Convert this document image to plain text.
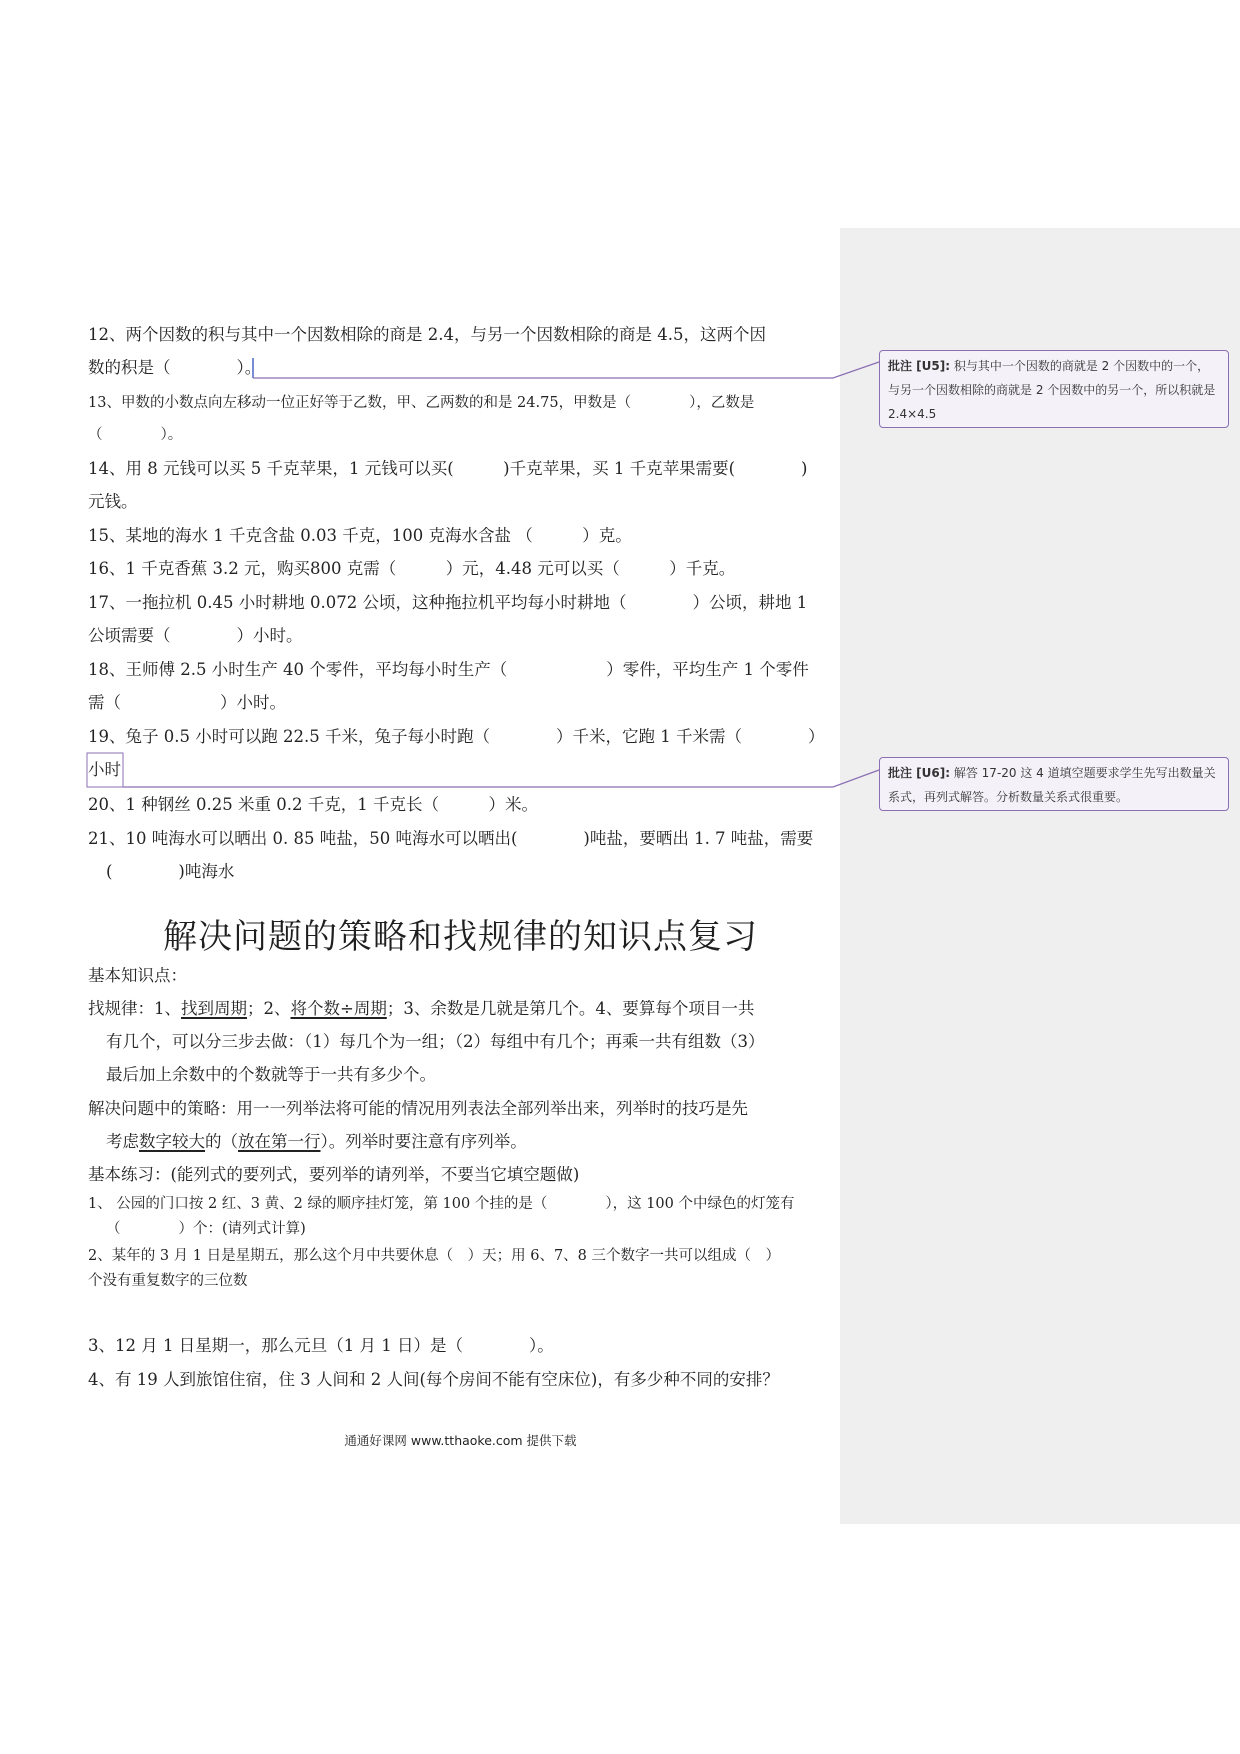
12、两个因数的积与其中一个因数相除的商是 2.4，与另一个因数相除的商是 4.5，这两个因
数的积是（　　　　）。
13、甲数的小数点向左移动一位正好等于乙数，甲、乙两数的和是 24.75，甲数是（　　　　），乙数是
（　　　　）。
14、用 8 元钱可以买 5 千克苹果，1 元钱可以买(　　　)千克苹果，买 1 千克苹果需要(　　　　)
元钱。
15、某地的海水 1 千克含盐 0.03 千克，100 克海水含盐 （　　　）克。
16、1 千克香蕉 3.2 元，购买800 克需（　　　）元，4.48 元可以买（　　　）千克。
17、一拖拉机 0.45 小时耕地 0.072 公顷，这种拖拉机平均每小时耕地（　　　　）公顷，耕地 1
公顷需要（　　　　）小时。
18、王师傅 2.5 小时生产 40 个零件，平均每小时生产（　　　　　　）零件，平均生产 1 个零件
需（　　　　　　）小时。
19、兔子 0.5 小时可以跑 22.5 千米，兔子每小时跑（　　　　）千米，它跑 1 千米需（　　　　）
小时
20、1 种钢丝 0.25 米重 0.2 千克，1 千克长（　　　）米。
21、10 吨海水可以晒出 0. 85 吨盐，50 吨海水可以晒出(　　　　)吨盐，要晒出 1. 7 吨盐，需要
(　　　　)吨海水
解决问题的策略和找规律的知识点复习
基本知识点：
找规律：1、找到周期；2、将个数÷周期；3、余数是几就是第几个。4、要算每个项目一共
有几个，可以分三步去做：（1）每几个为一组；（2）每组中有几个；再乘一共有组数（3）
最后加上余数中的个数就等于一共有多少个。
解决问题中的策略：用一一列举法将可能的情况用列表法全部列举出来，列举时的技巧是先
考虑数字较大的（放在第一行）。列举时要注意有序列举。
基本练习：(能列式的要列式，要列举的请列举，不要当它填空题做)
1、 公园的门口按 2 红、3 黄、2 绿的顺序挂灯笼，第 100 个挂的是（　　　　），这 100 个中绿色的灯笼有
（　　　　）个：(请列式计算)
2、某年的 3 月 1 日是星期五，那么这个月中共要休息（　）天；用 6、7、8 三个数字一共可以组成（　）
个没有重复数字的三位数
3、12 月 1 日星期一，那么元旦（1 月 1 日）是（　　　　）。
4、有 19 人到旅馆住宿，住 3 人间和 2 人间(每个房间不能有空床位)，有多少种不同的安排？
通通好课网 www.tthaoke.com 提供下载
批注 [U5]: 积与其中一个因数的商就是 2 个因数中的一个，与另一个因数相除的商就是 2 个因数中的另一个，所以积就是 2.4×4.5
批注 [U6]: 解答 17-20 这 4 道填空题要求学生先写出数量关系式，再列式解答。分析数量关系式很重要。
